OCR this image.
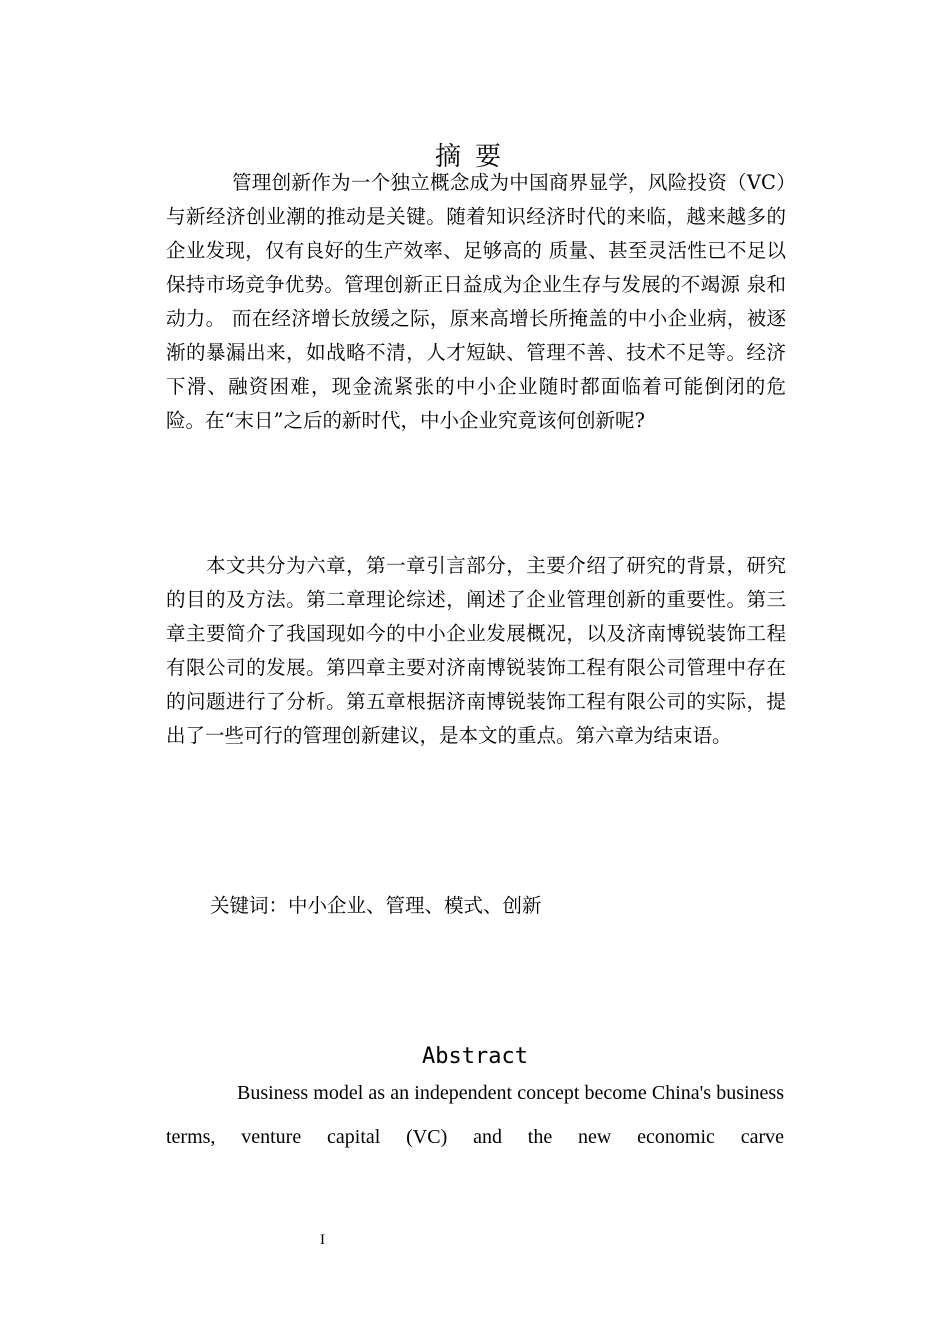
摘要

管理创新作为一个独立概念成为中国商界显学，风险投资（VC）与新经济创业潮的推动是关键。随着知识经济时代的来临，越来越多的企业发现，仅有良好的生产效率、足够高的 质量、甚至灵活性已不足以保持市场竞争优势。管理创新正日益成为企业生存与发展的不竭源 泉和动力。 而在经济增长放缓之际，原来高增长所掩盖的中小企业病，被逐渐的暴漏出来，如战略不清，人才短缺、管理不善、技术不足等。经济下滑、融资困难，现金流紧张的中小企业随时都面临着可能倒闭的危险。在“末日”之后的新时代，中小企业究竟该何创新呢?

本文共分为六章，第一章引言部分，主要介绍了研究的背景，研究的目的及方法。第二章理论综述，阐述了企业管理创新的重要性。第三章主要简介了我国现如今的中小企业发展概况，以及济南博锐装饰工程有限公司的发展。第四章主要对济南博锐装饰工程有限公司管理中存在的问题进行了分析。第五章根据济南博锐装饰工程有限公司的实际，提出了一些可行的管理创新建议，是本文的重点。第六章为结束语。

关键词：中小企业、管理、模式、创新
Abstract

Business model as an independent concept become China's business terms, venture capital (VC) and the new economic carve

I
